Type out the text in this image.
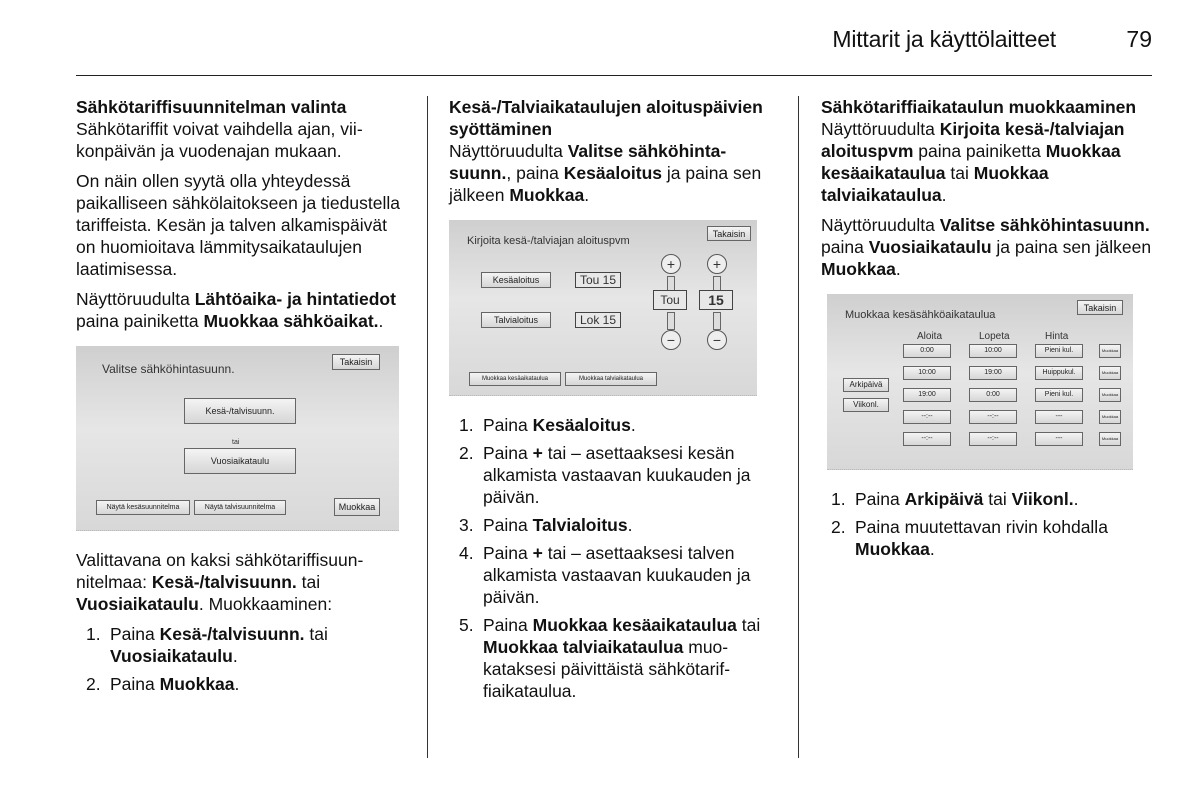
Mittarit ja käyttölaitteet	79
Sähkötariffisuunnitelman valinta

Sähkötariffit voivat vaihdella ajan, viikonpäivän ja vuodenajan mukaan.

On näin ollen syytä olla yhteydessä paikalliseen sähkölaitokseen ja tiedustella tariffeista. Kesän ja talven alkamispäivät on huomioitava lämmitysaikataulujen laatimisessa.

Näyttöruudulta Lähtöaika- ja hintatiedot paina painiketta Muokkaa sähköaikat..

Valitse sähköhintasuunn.	Takaisin
Kesä-/talvisuunn.
tai
Vuosiaikataulu
Näytä kesäsuunnitelma	Näytä talvisuunnitelma	Muokkaa

Valittavana on kaksi sähkötariffisuunnitelmaa: Kesä-/talvisuunn. tai Vuosiaikataulu. Muokkaaminen:

1. Paina Kesä-/talvisuunn. tai Vuosiaikataulu.
2. Paina Muokkaa.
Kesä-/Talviaikataulujen aloituspäivien syöttäminen

Näyttöruudulta Valitse sähköhintasuunn., paina Kesäaloitus ja paina sen jälkeen Muokkaa.

Kirjoita kesä-/talviajan aloituspvm
Takaisin
Kesäaloitus	Tou 15
Talvialoitus	Lok 15
+
Tou
−
+
15
−
Muokkaa kesäaikataulua	Muokkaa talviaikataulua
1. Paina Kesäaloitus.
2. Paina + tai – asettaaksesi kesän alkamista vastaavan kuukauden ja päivän.
3. Paina Talvialoitus.
4. Paina + tai – asettaaksesi talven alkamista vastaavan kuukauden ja päivän.
5. Paina Muokkaa kesäaikataulua tai Muokkaa talviaikataulua muokataksesi päivittäistä sähkötariffiaikataulua.
Sähkötariffiaikataulun muokkaaminen

Näyttöruudulta Kirjoita kesä-/talviajan aloituspvm paina painiketta Muokkaa kesäaikataulua tai Muokkaa talviaikataulua.

Näyttöruudulta Valitse sähköhintasuunn. paina Vuosiaikataulu ja paina sen jälkeen Muokkaa.

Muokkaa kesäsähköaikataulua
Takaisin
Aloita	Lopeta	Hinta
Arkipäivä
Viikonl.
0:00	10:00	Pieni kul.	Muokkaa
10:00	19:00	Huippukul.	Muokkaa
19:00	0:00	Pieni kul.	Muokkaa
--:--	--:--	---	Muokkaa
--:--	--:--	---	Muokkaa
1. Paina Arkipäivä tai Viikonl..
2. Paina muutettavan rivin kohdalla Muokkaa.
